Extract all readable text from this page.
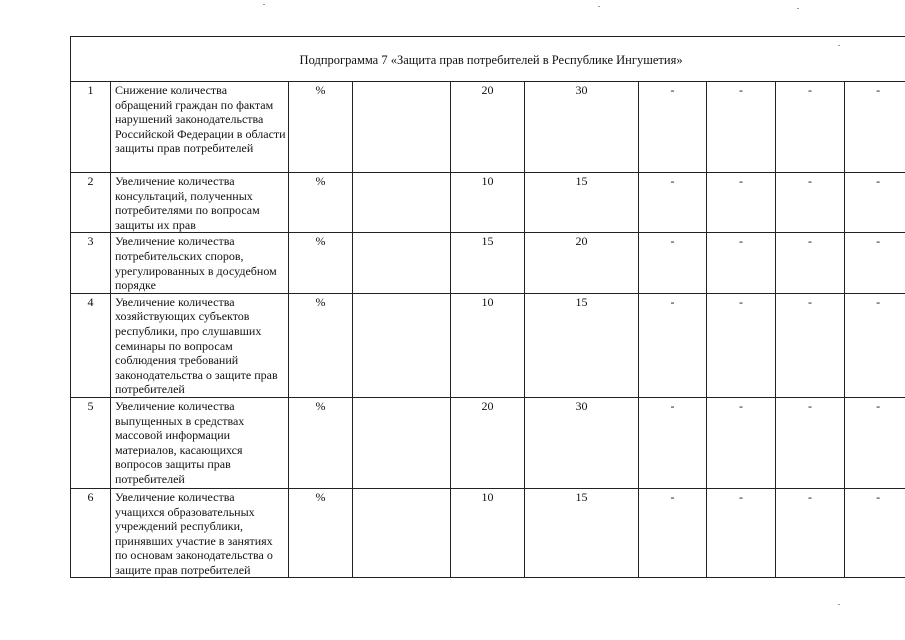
Подпрограмма 7 «Защита прав потребителей в Республике Ингушетия»									
1	Снижение количества обращений граждан по фактам нарушений законодательства Российской Федерации в области защиты прав потребителей	%		20	30	-	-	-	-
2	Увеличение количества консультаций, полученных потребителями по вопросам защиты их прав	%		10	15	-	-	-	-
3	Увеличение количества потребительских споров, урегулированных в досудебном порядке	%		15	20	-	-	-	-
4	Увеличение количества хозяйствующих субъектов республики, про слушавших семинары по вопросам соблюдения требований законодательства о защите прав потребителей	%		10	15	-	-	-	-
5	Увеличение количества выпущенных в средствах массовой информации материалов, касающихся вопросов защиты прав потребителей	%		20	30	-	-	-	-
6	Увеличение количества учащихся образовательных учреждений республики, принявших участие в занятиях по основам законодательства о защите прав потребителей	%		10	15	-	-	-	-
